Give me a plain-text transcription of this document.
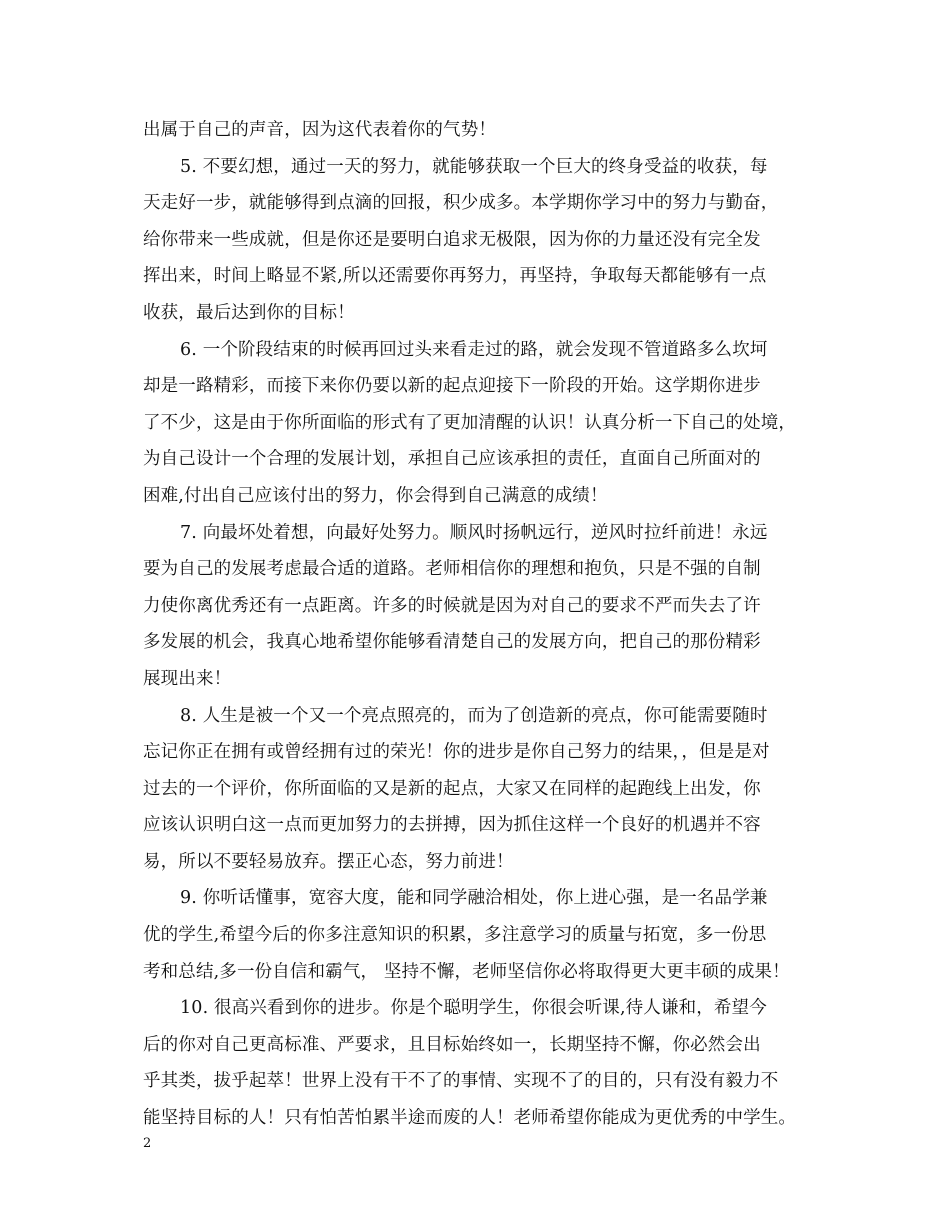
出属于自己的声音，因为这代表着你的气势！
5. 不要幻想，通过一天的努力，就能够获取一个巨大的终身受益的收获，每
天走好一步，就能够得到点滴的回报，积少成多。本学期你学习中的努力与勤奋，
给你带来一些成就，但是你还是要明白追求无极限，因为你的力量还没有完全发
挥出来，时间上略显不紧,所以还需要你再努力，再坚持，争取每天都能够有一点
收获，最后达到你的目标！
6. 一个阶段结束的时候再回过头来看走过的路，就会发现不管道路多么坎坷
却是一路精彩，而接下来你仍要以新的起点迎接下一阶段的开始。这学期你进步
了不少，这是由于你所面临的形式有了更加清醒的认识！认真分析一下自己的处境，
为自己设计一个合理的发展计划，承担自己应该承担的责任，直面自己所面对的
困难,付出自己应该付出的努力，你会得到自己满意的成绩！
7. 向最坏处着想，向最好处努力。顺风时扬帆远行，逆风时拉纤前进！永远
要为自己的发展考虑最合适的道路。老师相信你的理想和抱负，只是不强的自制
力使你离优秀还有一点距离。许多的时候就是因为对自己的要求不严而失去了许
多发展的机会，我真心地希望你能够看清楚自己的发展方向，把自己的那份精彩
展现出来！
8. 人生是被一个又一个亮点照亮的，而为了创造新的亮点，你可能需要随时
忘记你正在拥有或曾经拥有过的荣光！你的进步是你自己努力的结果，，但是是对
过去的一个评价，你所面临的又是新的起点，大家又在同样的起跑线上出发，你
应该认识明白这一点而更加努力的去拼搏，因为抓住这样一个良好的机遇并不容
易，所以不要轻易放弃。摆正心态，努力前进！
9. 你听话懂事，宽容大度，能和同学融洽相处，你上进心强，是一名品学兼
优的学生,希望今后的你多注意知识的积累，多注意学习的质量与拓宽，多一份思
考和总结,多一份自信和霸气， 坚持不懈，老师坚信你必将取得更大更丰硕的成果！
10. 很高兴看到你的进步。你是个聪明学生，你很会听课,待人谦和，希望今
后的你对自己更高标准、严要求，且目标始终如一，长期坚持不懈，你必然会出
乎其类，拔乎起萃！世界上没有干不了的事情、实现不了的目的，只有没有毅力不
能坚持目标的人！只有怕苦怕累半途而废的人！老师希望你能成为更优秀的中学生。
2
